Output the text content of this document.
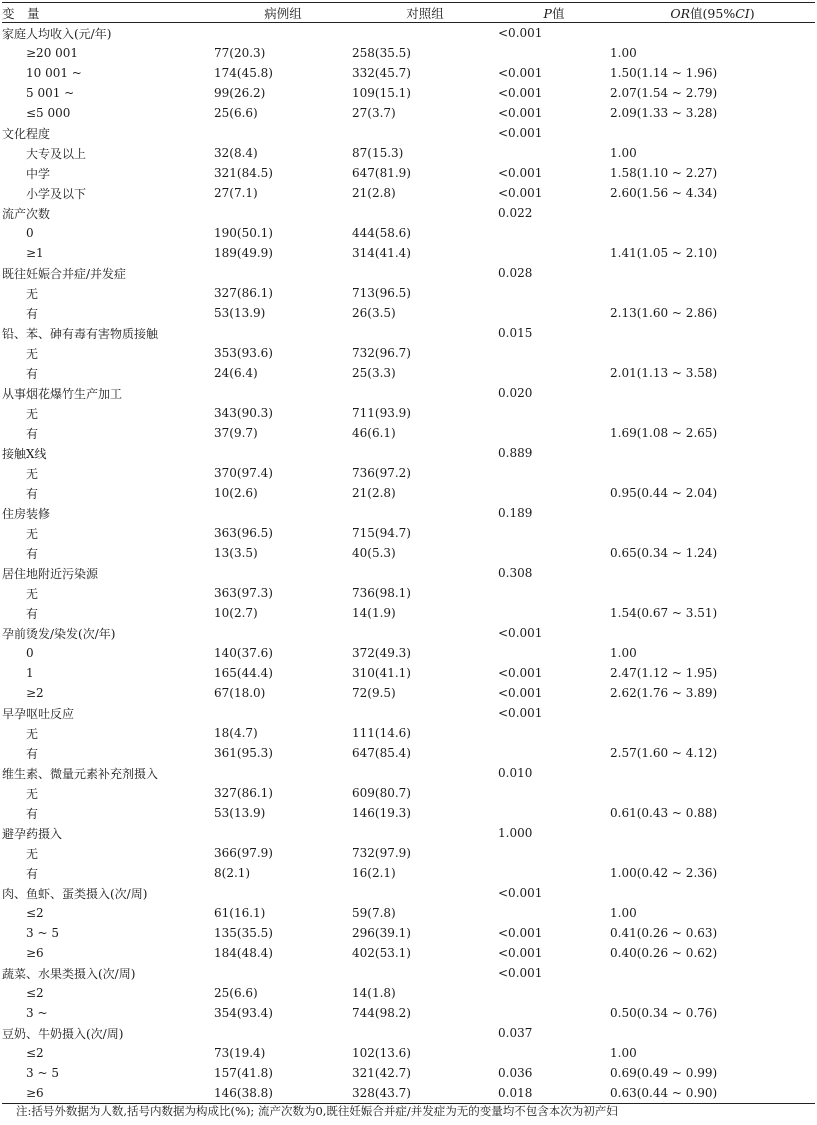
变　量	病例组	对照组	P值	OR值(95%CI)
家庭人均收入(元/年)			<0.001	
≥20 001	77(20.3)	258(35.5)		1.00
10 001 ~	174(45.8)	332(45.7)	<0.001	1.50(1.14 ~ 1.96)
5 001 ~	99(26.2)	109(15.1)	<0.001	2.07(1.54 ~ 2.79)
≤5 000	25(6.6)	27(3.7)	<0.001	2.09(1.33 ~ 3.28)
文化程度			<0.001	
大专及以上	32(8.4)	87(15.3)		1.00
中学	321(84.5)	647(81.9)	<0.001	1.58(1.10 ~ 2.27)
小学及以下	27(7.1)	21(2.8)	<0.001	2.60(1.56 ~ 4.34)
流产次数			0.022	
0	190(50.1)	444(58.6)		
≥1	189(49.9)	314(41.4)		1.41(1.05 ~ 2.10)
既往妊娠合并症/并发症			0.028	
无	327(86.1)	713(96.5)		
有	53(13.9)	26(3.5)		2.13(1.60 ~ 2.86)
铅、苯、砷有毒有害物质接触			0.015	
无	353(93.6)	732(96.7)		
有	24(6.4)	25(3.3)		2.01(1.13 ~ 3.58)
从事烟花爆竹生产加工			0.020	
无	343(90.3)	711(93.9)		
有	37(9.7)	46(6.1)		1.69(1.08 ~ 2.65)
接触X线			0.889	
无	370(97.4)	736(97.2)		
有	10(2.6)	21(2.8)		0.95(0.44 ~ 2.04)
住房装修			0.189	
无	363(96.5)	715(94.7)		
有	13(3.5)	40(5.3)		0.65(0.34 ~ 1.24)
居住地附近污染源			0.308	
无	363(97.3)	736(98.1)		
有	10(2.7)	14(1.9)		1.54(0.67 ~ 3.51)
孕前烫发/染发(次/年)			<0.001	
0	140(37.6)	372(49.3)		1.00
1	165(44.4)	310(41.1)	<0.001	2.47(1.12 ~ 1.95)
≥2	67(18.0)	72(9.5)	<0.001	2.62(1.76 ~ 3.89)
早孕呕吐反应			<0.001	
无	18(4.7)	111(14.6)		
有	361(95.3)	647(85.4)		2.57(1.60 ~ 4.12)
维生素、微量元素补充剂摄入			0.010	
无	327(86.1)	609(80.7)		
有	53(13.9)	146(19.3)		0.61(0.43 ~ 0.88)
避孕药摄入			1.000	
无	366(97.9)	732(97.9)		
有	8(2.1)	16(2.1)		1.00(0.42 ~ 2.36)
肉、鱼虾、蛋类摄入(次/周)			<0.001	
≤2	61(16.1)	59(7.8)		1.00
3 ~ 5	135(35.5)	296(39.1)	<0.001	0.41(0.26 ~ 0.63)
≥6	184(48.4)	402(53.1)	<0.001	0.40(0.26 ~ 0.62)
蔬菜、水果类摄入(次/周)			<0.001	
≤2	25(6.6)	14(1.8)		
3 ~	354(93.4)	744(98.2)		0.50(0.34 ~ 0.76)
豆奶、牛奶摄入(次/周)			0.037	
≤2	73(19.4)	102(13.6)		1.00
3 ~ 5	157(41.8)	321(42.7)	0.036	0.69(0.49 ~ 0.99)
≥6	146(38.8)	328(43.7)	0.018	0.63(0.44 ~ 0.90)
注:括号外数据为人数,括号内数据为构成比(%); 流产次数为0,既往妊娠合并症/并发症为无的变量均不包含本次为初产妇
